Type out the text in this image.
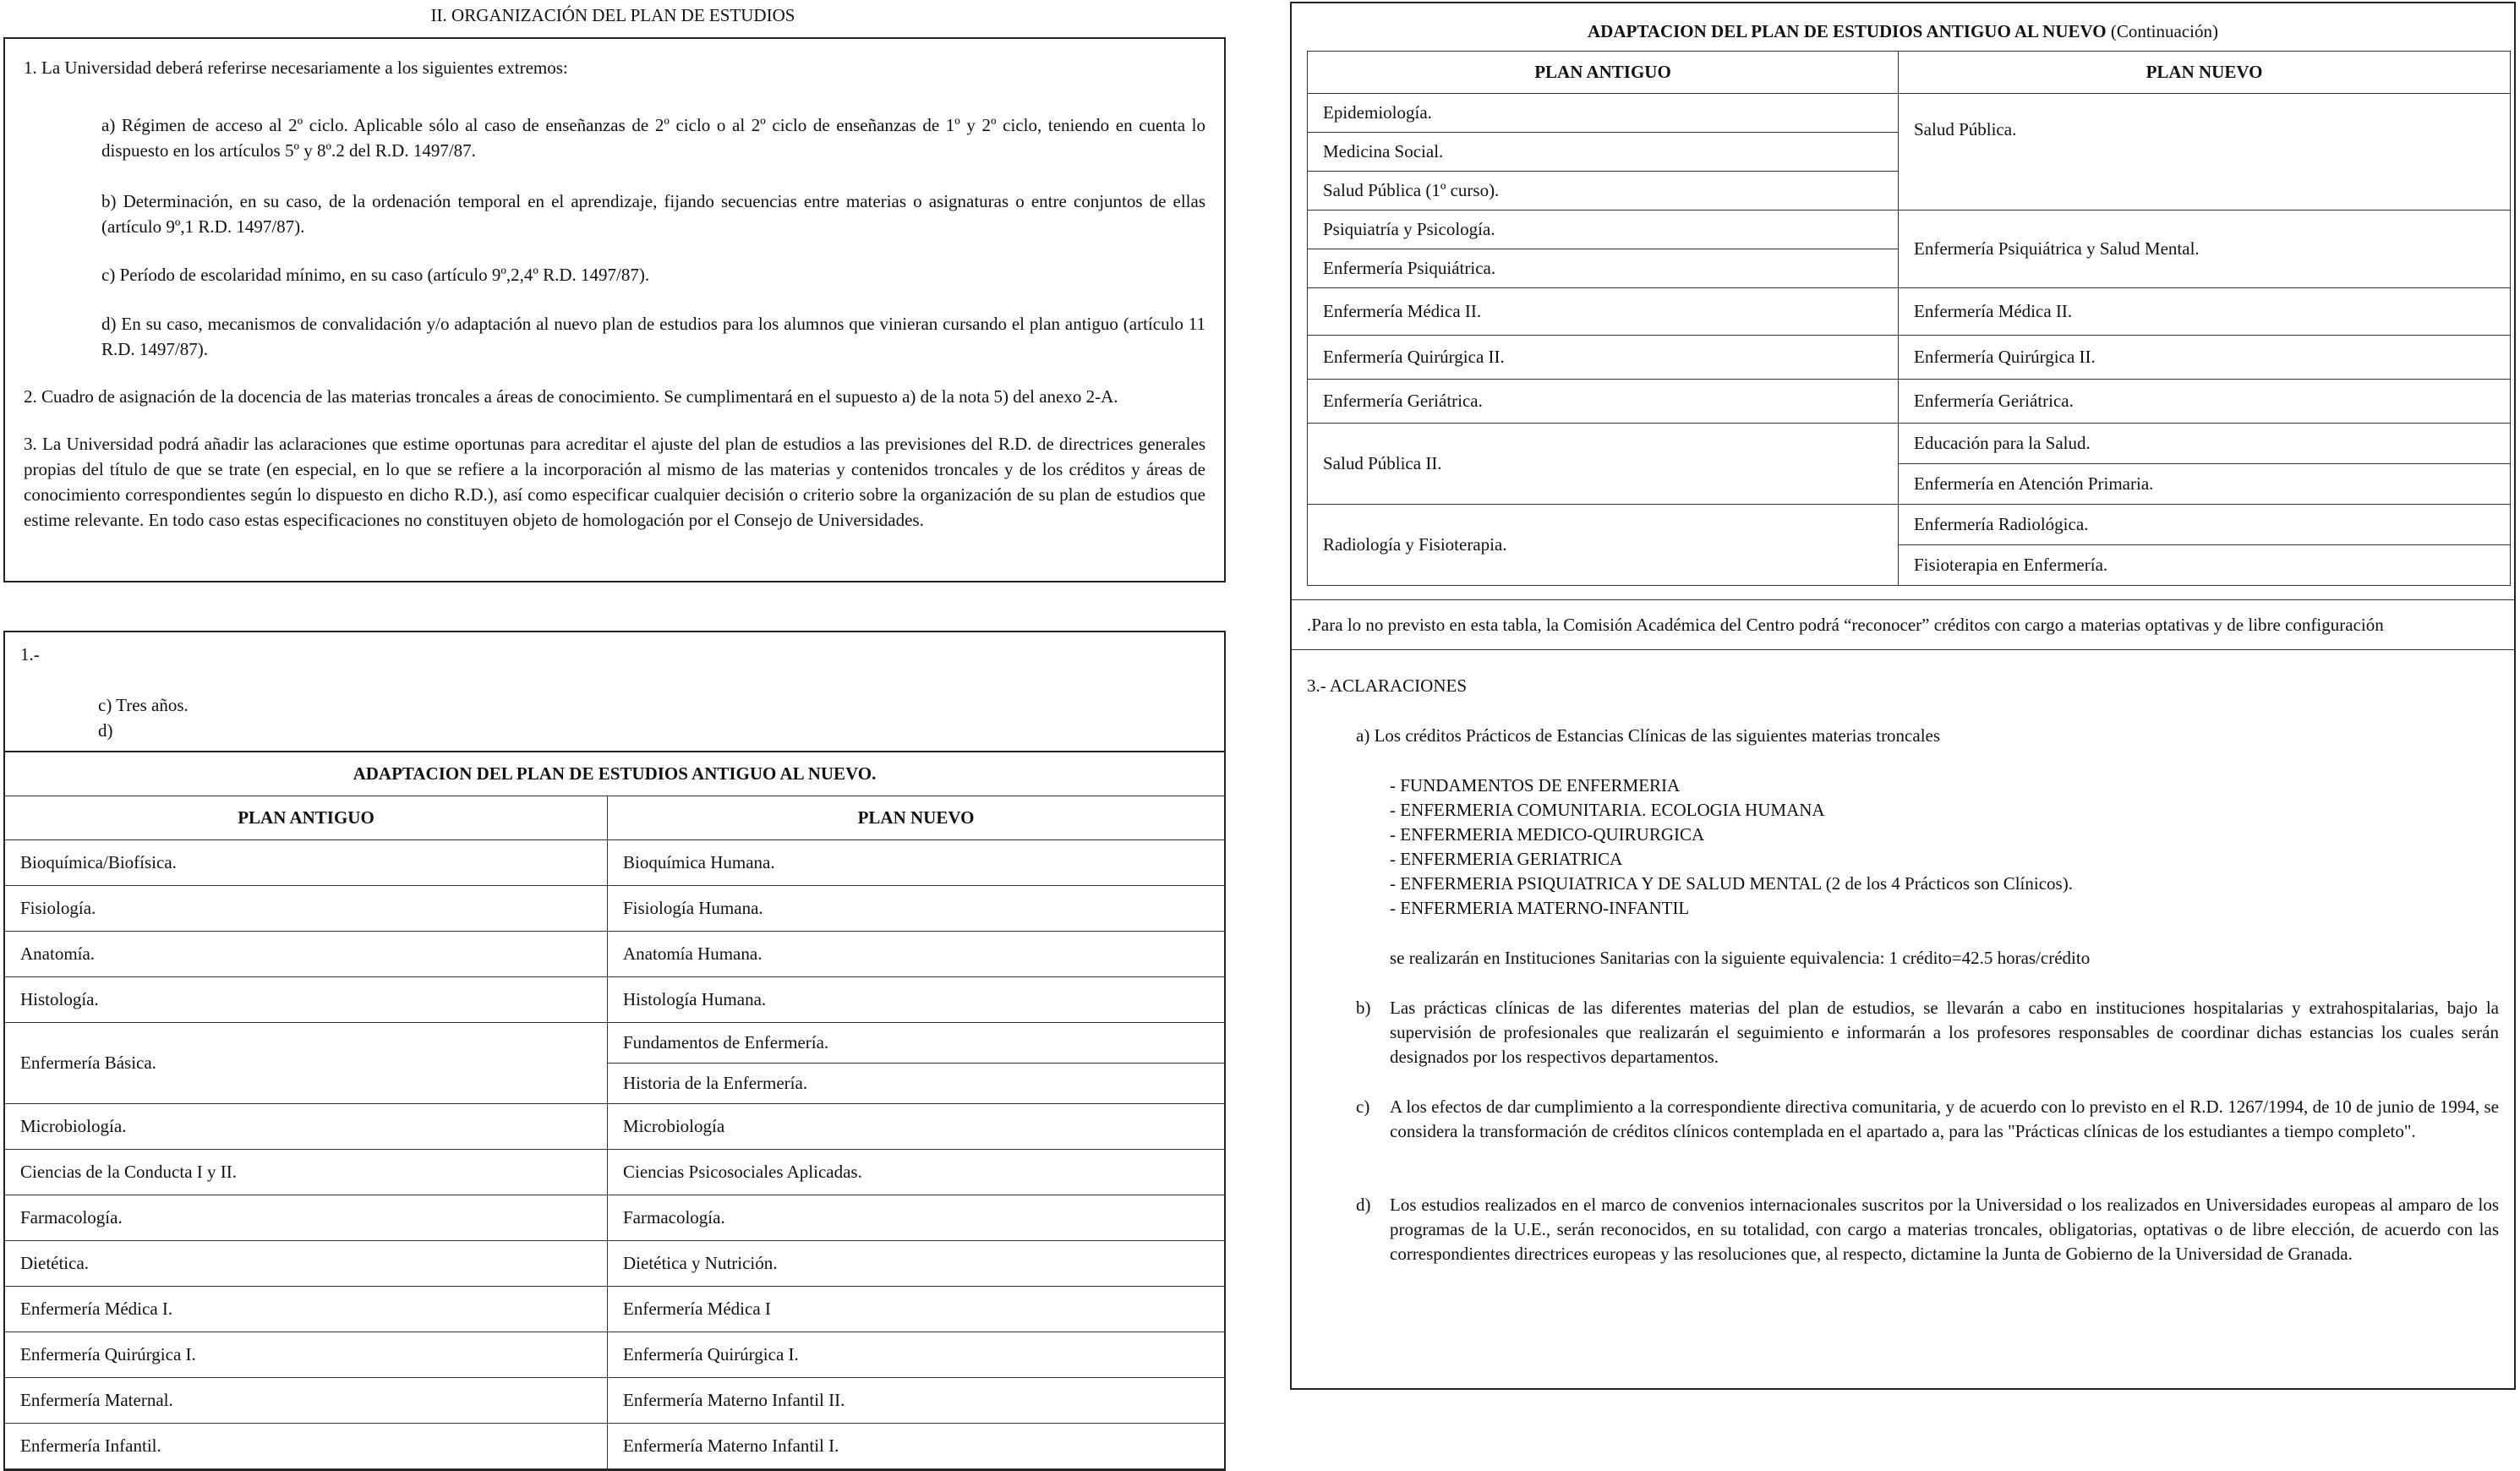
II. ORGANIZACIÓN DEL PLAN DE ESTUDIOS

1. La Universidad deberá referirse necesariamente a los siguientes extremos:

a) Régimen de acceso al 2º ciclo. Aplicable sólo al caso de enseñanzas de 2º ciclo o al 2º ciclo de enseñanzas de 1º y 2º ciclo, teniendo en cuenta lo dispuesto en los artículos 5º y 8º.2 del R.D. 1497/87.

b) Determinación, en su caso, de la ordenación temporal en el aprendizaje, fijando secuencias entre materias o asignaturas o entre conjuntos de ellas (artículo 9º,1 R.D. 1497/87).

c) Período de escolaridad mínimo, en su caso (artículo 9º,2,4º R.D. 1497/87).

d) En su caso, mecanismos de convalidación y/o adaptación al nuevo plan de estudios para los alumnos que vinieran cursando el plan antiguo (artículo 11 R.D. 1497/87).

2. Cuadro de asignación de la docencia de las materias troncales a áreas de conocimiento. Se cumplimentará en el supuesto a) de la nota 5) del anexo 2-A.

3. La Universidad podrá añadir las aclaraciones que estime oportunas para acreditar el ajuste del plan de estudios a las previsiones del R.D. de directrices generales propias del título de que se trate (en especial, en lo que se refiere a la incorporación al mismo de las materias y contenidos troncales y de los créditos y áreas de conocimiento correspondientes según lo dispuesto en dicho R.D.), así como especificar cualquier decisión o criterio sobre la organización de su plan de estudios que estime relevante. En todo caso estas especificaciones no constituyen objeto de homologación por el Consejo de Universidades.

1.-
c) Tres años.
d)
ADAPTACION DEL PLAN DE ESTUDIOS ANTIGUO AL NUEVO.	
PLAN ANTIGUO	PLAN NUEVO
Bioquímica/Biofísica.	Bioquímica Humana.
Fisiología.	Fisiología Humana.
Anatomía.	Anatomía Humana.
Histología.	Histología Humana.
Enfermería Básica.	Fundamentos de Enfermería.
	Historia de la Enfermería.
Microbiología.	Microbiología
Ciencias de la Conducta I y II.	Ciencias Psicosociales Aplicadas.
Farmacología.	Farmacología.
Dietética.	Dietética y Nutrición.
Enfermería Médica I.	Enfermería Médica I
Enfermería Quirúrgica I.	Enfermería Quirúrgica I.
Enfermería Maternal.	Enfermería Materno Infantil II.
Enfermería Infantil.	Enfermería Materno Infantil I.
ADAPTACION DEL PLAN DE ESTUDIOS ANTIGUO AL NUEVO (Continuación)
PLAN ANTIGUO	PLAN NUEVO
Epidemiología.	Salud Pública.
Medicina Social.	
Salud Pública (1º curso).	
Psiquiatría y Psicología.	Enfermería Psiquiátrica y Salud Mental.
Enfermería Psiquiátrica.	
Enfermería Médica II.	Enfermería Médica II.
Enfermería Quirúrgica II.	Enfermería Quirúrgica II.
Enfermería Geriátrica.	Enfermería Geriátrica.
Salud Pública II.	Educación para la Salud.
	Enfermería en Atención Primaria.
Radiología y Fisioterapia.	Enfermería Radiológica.
	Fisioterapia en Enfermería.

.Para lo no previsto en esta tabla, la Comisión Académica del Centro podrá “reconocer” créditos con cargo a materias optativas y de libre configuración

3.- ACLARACIONES

a) Los créditos Prácticos de Estancias Clínicas de las siguientes materias troncales

- FUNDAMENTOS DE ENFERMERIA
- ENFERMERIA COMUNITARIA. ECOLOGIA HUMANA
- ENFERMERIA MEDICO-QUIRURGICA
- ENFERMERIA GERIATRICA
- ENFERMERIA PSIQUIATRICA Y DE SALUD MENTAL (2 de los 4 Prácticos son Clínicos).
- ENFERMERIA MATERNO-INFANTIL

se realizarán en Instituciones Sanitarias con la siguiente equivalencia: 1 crédito=42.5 horas/crédito

b)	Las prácticas clínicas de las diferentes materias del plan de estudios, se llevarán a cabo en instituciones hospitalarias y extrahospitalarias, bajo la supervisión de profesionales que realizarán el seguimiento e informarán a los profesores responsables de coordinar dichas estancias los cuales serán designados por los respectivos departamentos.

c)	A los efectos de dar cumplimiento a la correspondiente directiva comunitaria, y de acuerdo con lo previsto en el R.D. 1267/1994, de 10 de junio de 1994, se considera la transformación de créditos clínicos contemplada en el apartado a, para las "Prácticas clínicas de los estudiantes a tiempo completo".

d)	Los estudios realizados en el marco de convenios internacionales suscritos por la Universidad o los realizados en Universidades europeas al amparo de los programas de la U.E., serán reconocidos, en su totalidad, con cargo a materias troncales, obligatorias, optativas o de libre elección, de acuerdo con las correspondientes directrices europeas y las resoluciones que, al respecto, dictamine la Junta de Gobierno de la Universidad de Granada.
